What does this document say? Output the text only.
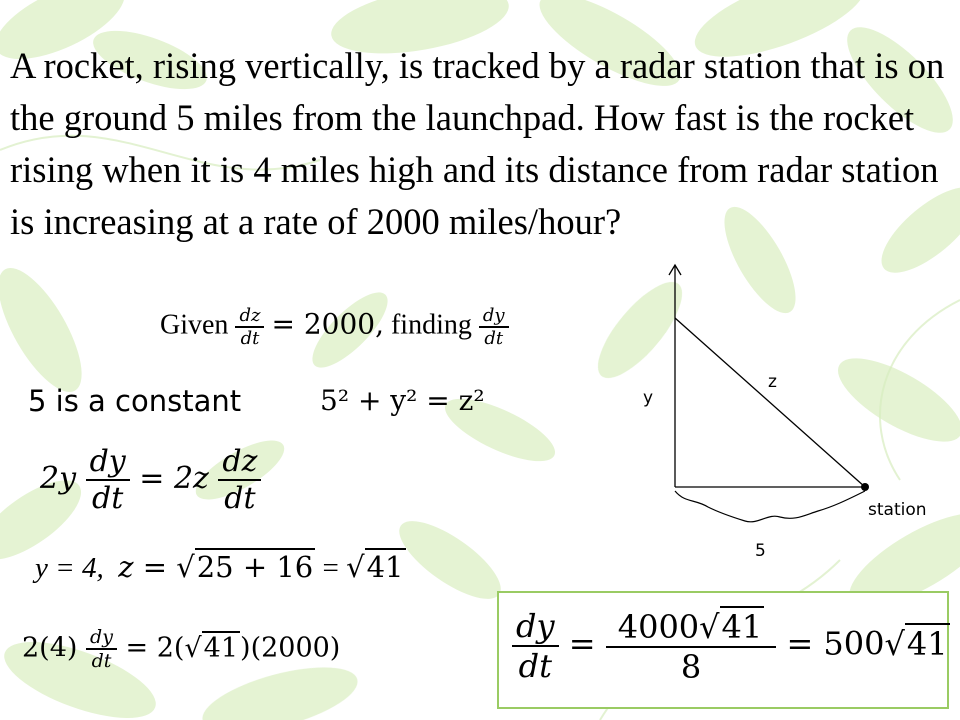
A rocket, rising vertically, is tracked by a radar station that is on the ground 5 miles from the launchpad. How fast is the rocket rising when it is 4 miles high and its distance from radar station is increasing at a rate of 2000 miles/hour?
Given $\frac{dz}{dt} = 2000$, finding $\frac{dy}{dt}$
5 is a constant	5² + y² = z²
$2y \frac{dy}{dt} = 2z \frac{dz}{dt}$
y = 4, z = √25 + 16 = √41
$2(4) \frac{dy}{dt} = 2(√41)(2000)$	$\frac{dy}{dt} = \frac{4000√41}{8} = 500√41$
y
z
5
station
